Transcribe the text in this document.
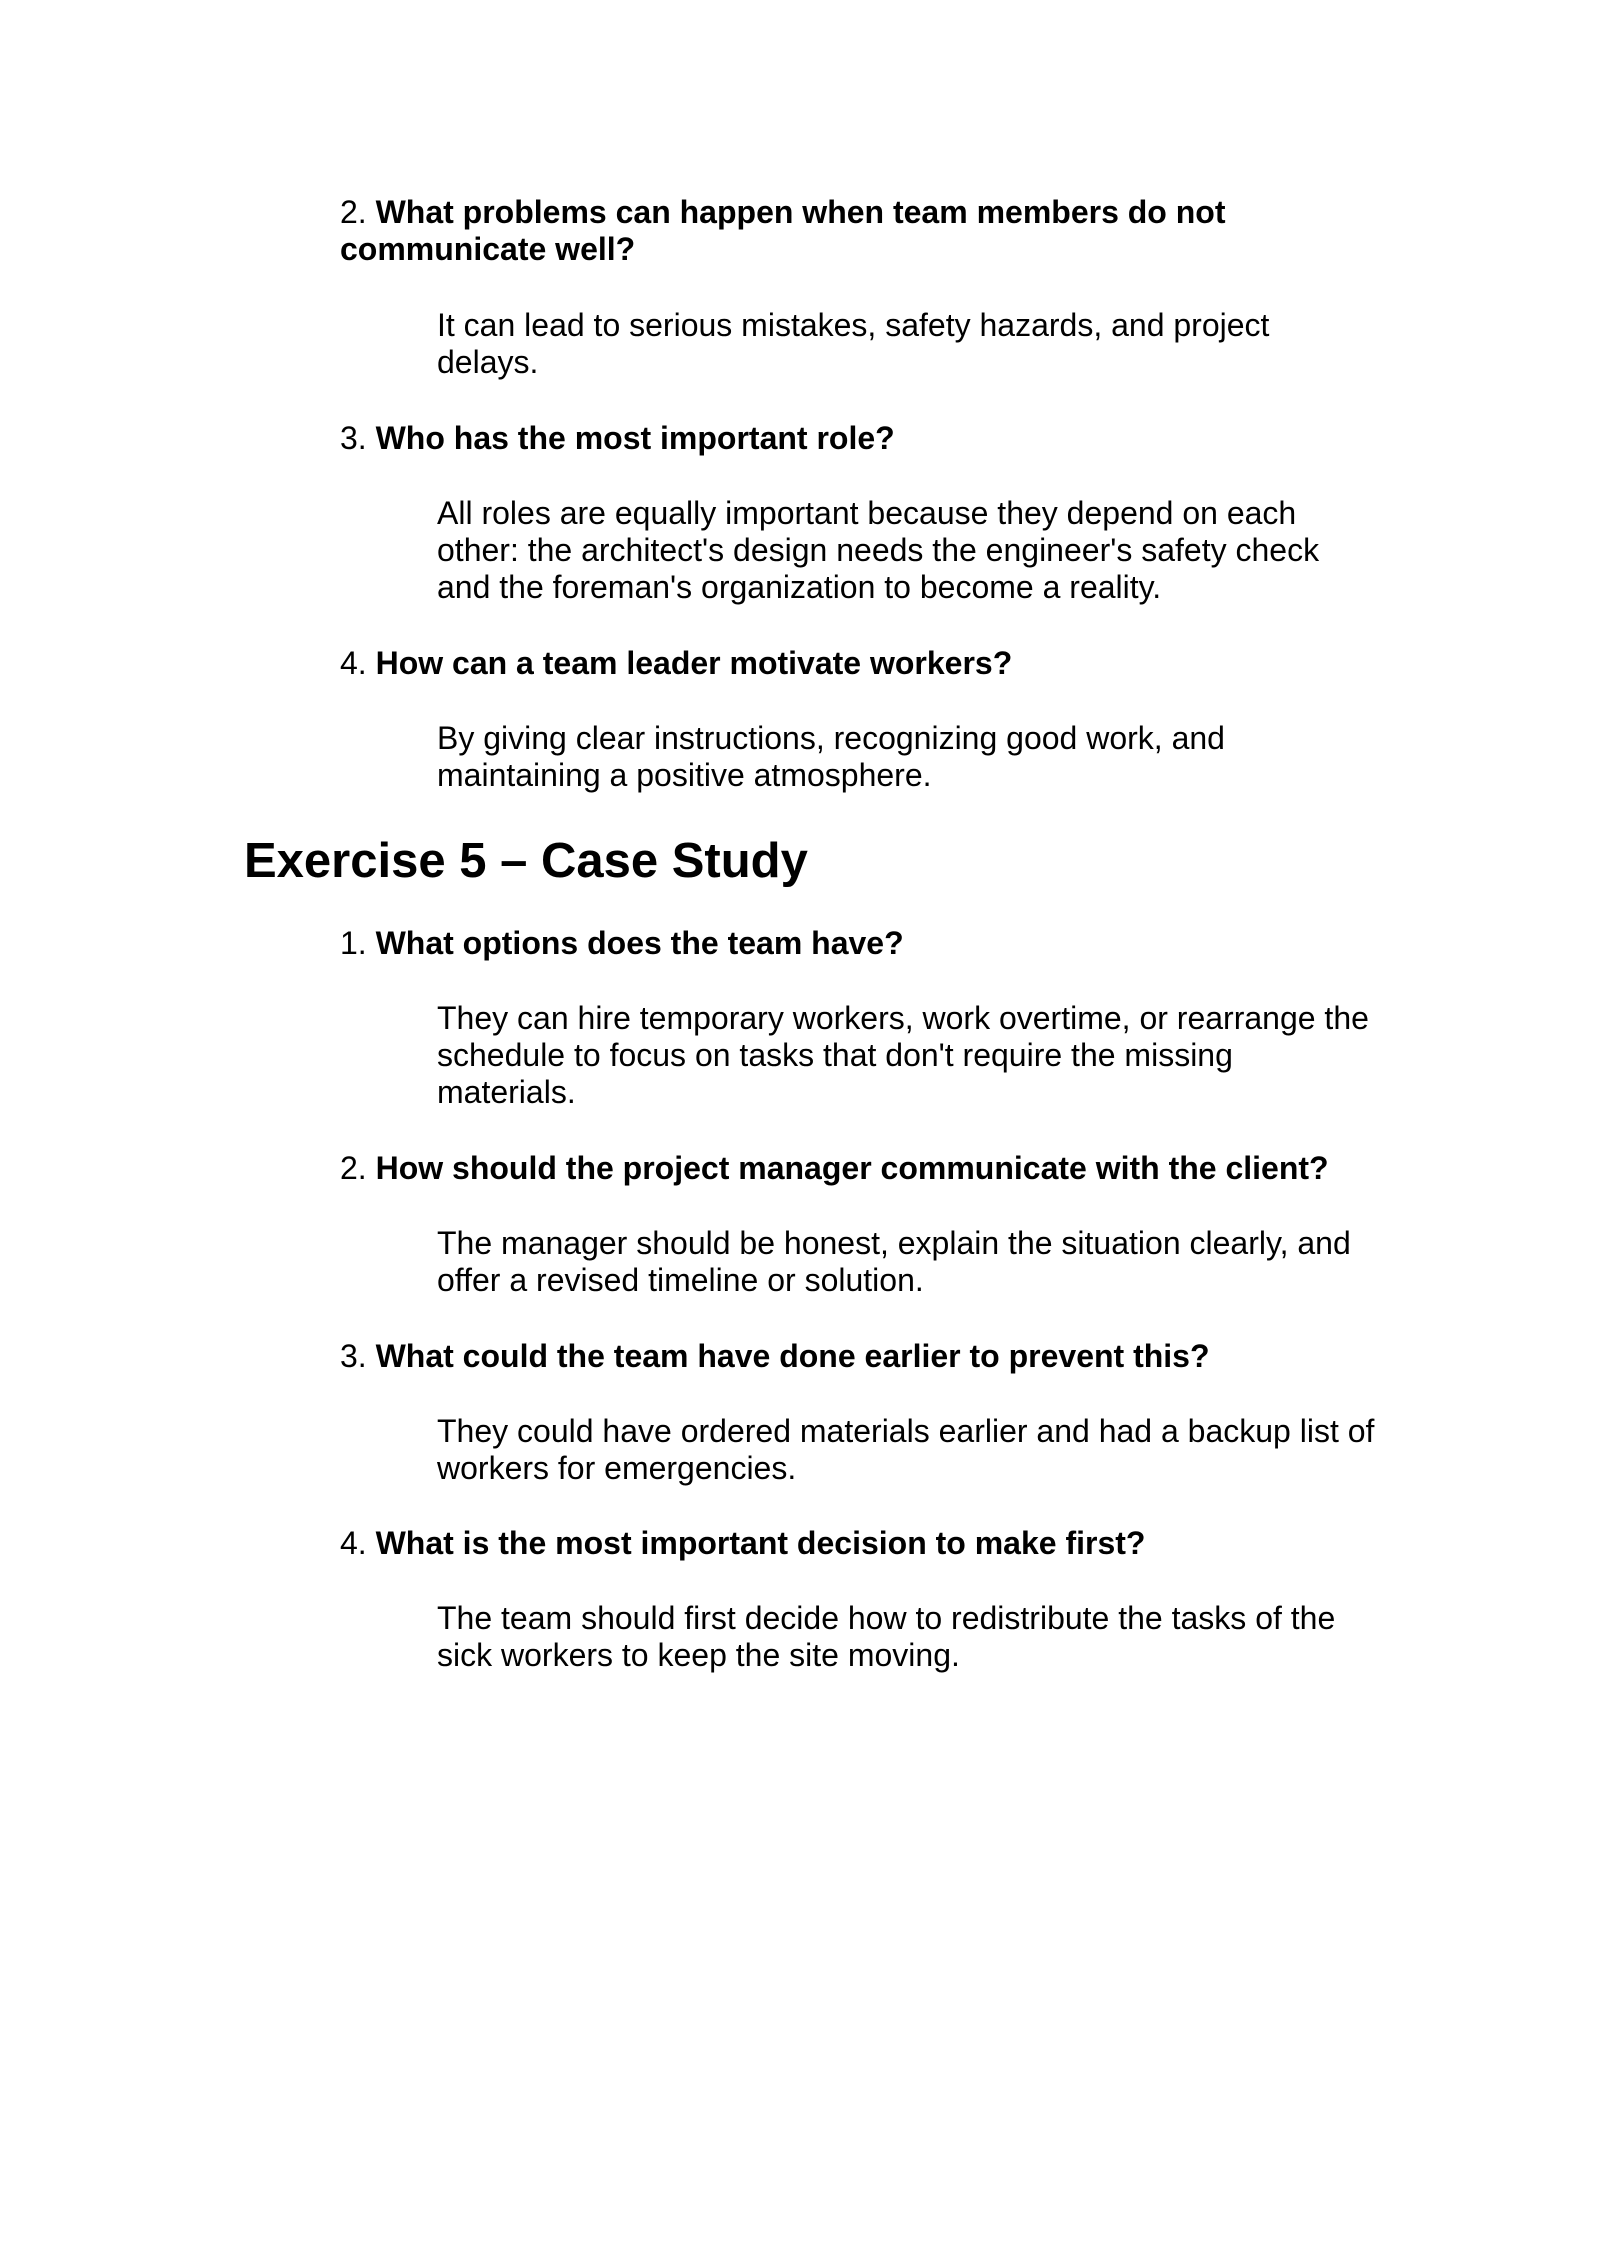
2. What problems can happen when team members do not communicate well?
It can lead to serious mistakes, safety hazards, and project delays.
3. Who has the most important role?
All roles are equally important because they depend on each other: the architect's design needs the engineer's safety check and the foreman's organization to become a reality.
4. How can a team leader motivate workers?
By giving clear instructions, recognizing good work, and maintaining a positive atmosphere.
Exercise 5 – Case Study
1. What options does the team have?
They can hire temporary workers, work overtime, or rearrange the schedule to focus on tasks that don't require the missing materials.
2. How should the project manager communicate with the client?
The manager should be honest, explain the situation clearly, and offer a revised timeline or solution.
3. What could the team have done earlier to prevent this?
They could have ordered materials earlier and had a backup list of workers for emergencies.
4. What is the most important decision to make first?
The team should first decide how to redistribute the tasks of the sick workers to keep the site moving.
